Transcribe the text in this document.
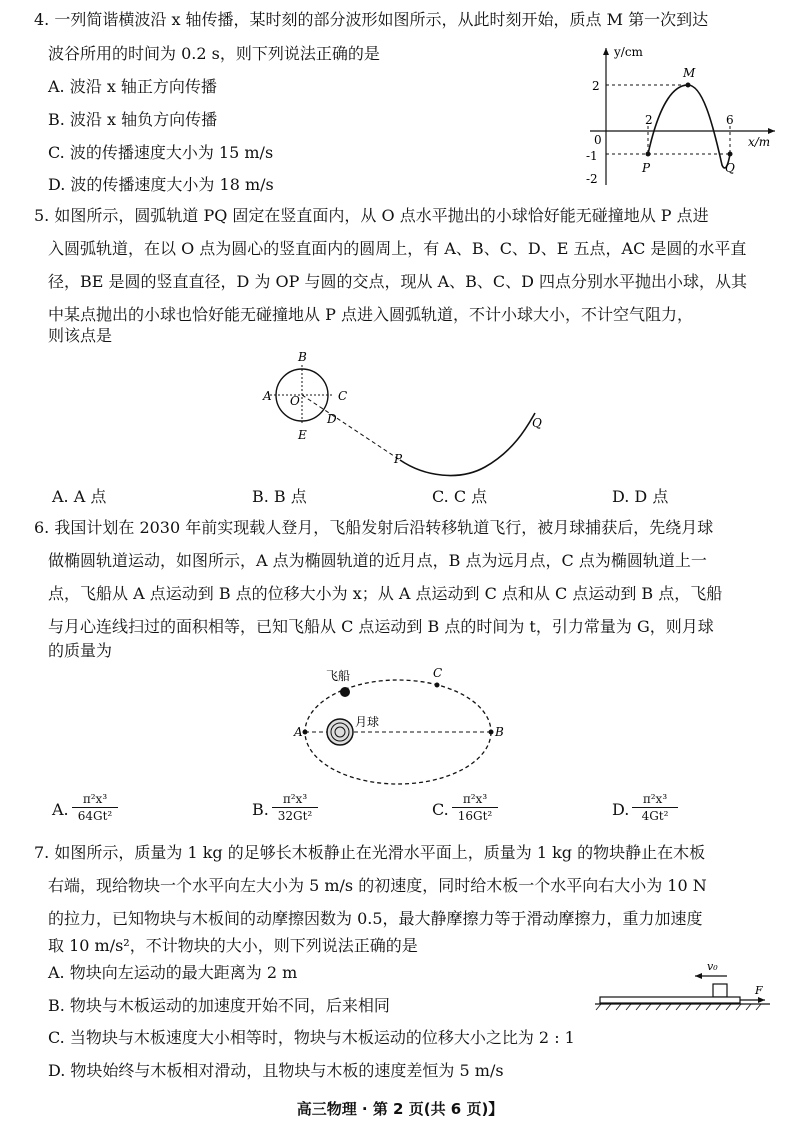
4. 一列简谐横波沿 x 轴传播，某时刻的部分波形如图所示，从此时刻开始，质点 M 第一次到达
波谷所用的时间为 0.2 s，则下列说法正确的是
A. 波沿 x 轴正方向传播
B. 波沿 x 轴负方向传播
C. 波的传播速度大小为 15 m/s
D. 波的传播速度大小为 18 m/s
y/cm
x/m
0
2
-1
-2
2	6
M
P	Q
5. 如图所示，圆弧轨道 PQ 固定在竖直面内，从 O 点水平抛出的小球恰好能无碰撞地从 P 点进
入圆弧轨道，在以 O 点为圆心的竖直面内的圆周上，有 A、B、C、D、E 五点，AC 是圆的水平直
径，BE 是圆的竖直直径，D 为 OP 与圆的交点，现从 A、B、C、D 四点分别水平抛出小球，从其
中某点抛出的小球也恰好能无碰撞地从 P 点进入圆弧轨道，不计小球大小，不计空气阻力，
则该点是
A
B
C
D
E
O
P
Q
A. A 点	B. B 点	C. C 点	D. D 点
6. 我国计划在 2030 年前实现载人登月，飞船发射后沿转移轨道飞行，被月球捕获后，先绕月球
做椭圆轨道运动，如图所示，A 点为椭圆轨道的近月点，B 点为远月点，C 点为椭圆轨道上一
点，飞船从 A 点运动到 B 点的位移大小为 x；从 A 点运动到 C 点和从 C 点运动到 B 点，飞船
与月心连线扫过的面积相等，已知飞船从 C 点运动到 B 点的时间为 t，引力常量为 G，则月球
的质量为
飞船
月球
A	B
C
A.
π²x³
64Gt²	B.
π²x³
32Gt²	C.
π²x³
16Gt²	D.
π²x³
4Gt²
7. 如图所示，质量为 1 kg 的足够长木板静止在光滑水平面上，质量为 1 kg 的物块静止在木板
右端，现给物块一个水平向左大小为 5 m/s 的初速度，同时给木板一个水平向右大小为 10 N
的拉力，已知物块与木板间的动摩擦因数为 0.5，最大静摩擦力等于滑动摩擦力，重力加速度
取 10 m/s²，不计物块的大小，则下列说法正确的是
A. 物块向左运动的最大距离为 2 m
B. 物块与木板运动的加速度开始不同，后来相同
C. 当物块与木板速度大小相等时，物块与木板运动的位移大小之比为 2 : 1
D. 物块始终与木板相对滑动，且物块与木板的速度差恒为 5 m/s
v₀
F
高三物理 · 第 2 页(共 6 页)】
